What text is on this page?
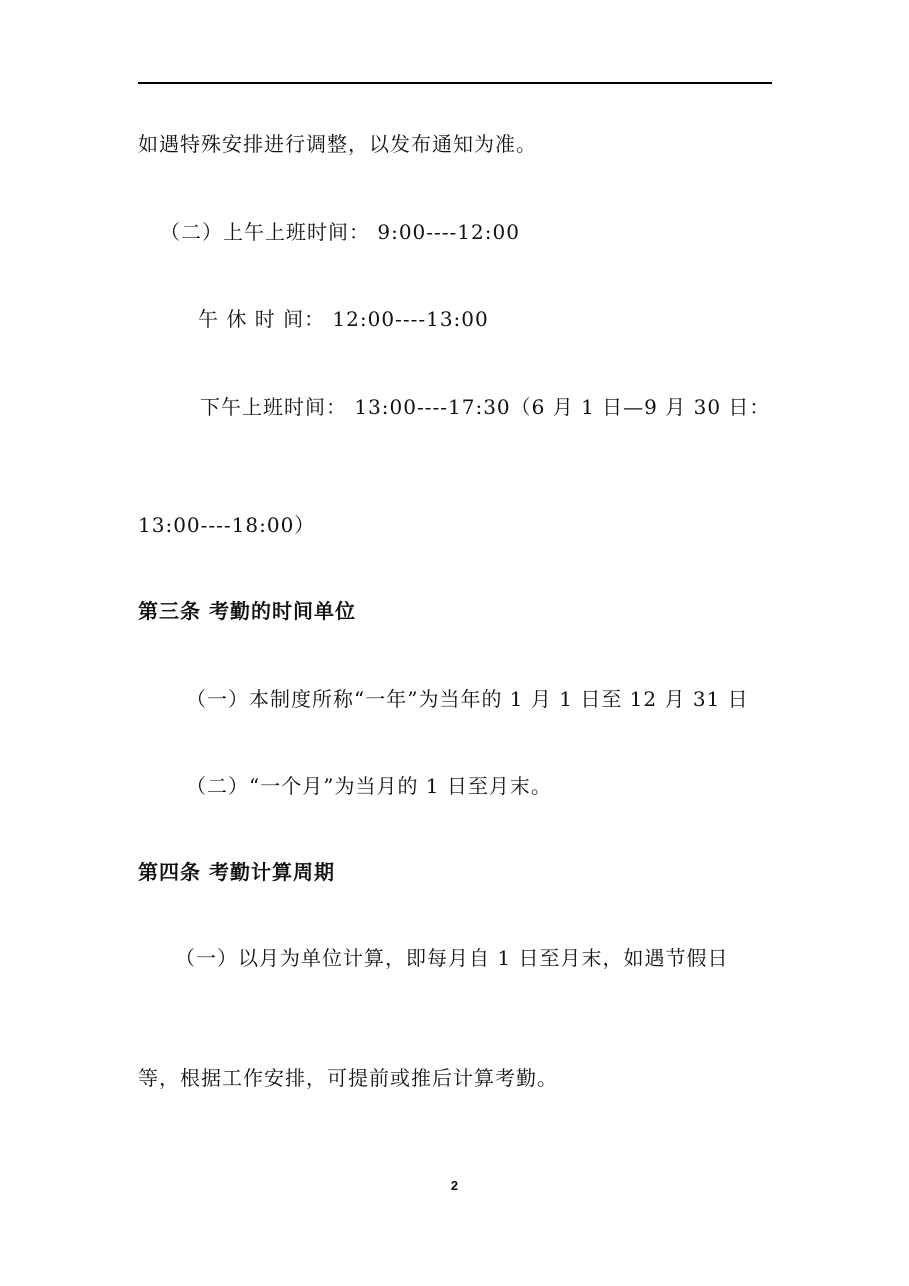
如遇特殊安排进行调整，以发布通知为准。
（二）上午上班时间： 9:00----12:00
午 休 时 间： 12:00----13:00
下午上班时间： 13:00----17:30（6 月 1 日—9 月 30 日：
13:00----18:00）
第三条 考勤的时间单位
（一）本制度所称“一年”为当年的 1 月 1 日至 12 月 31 日
（二）“一个月”为当月的 1 日至月末。
第四条 考勤计算周期
（一）以月为单位计算，即每月自 1 日至月末，如遇节假日
等，根据工作安排，可提前或推后计算考勤。
2
